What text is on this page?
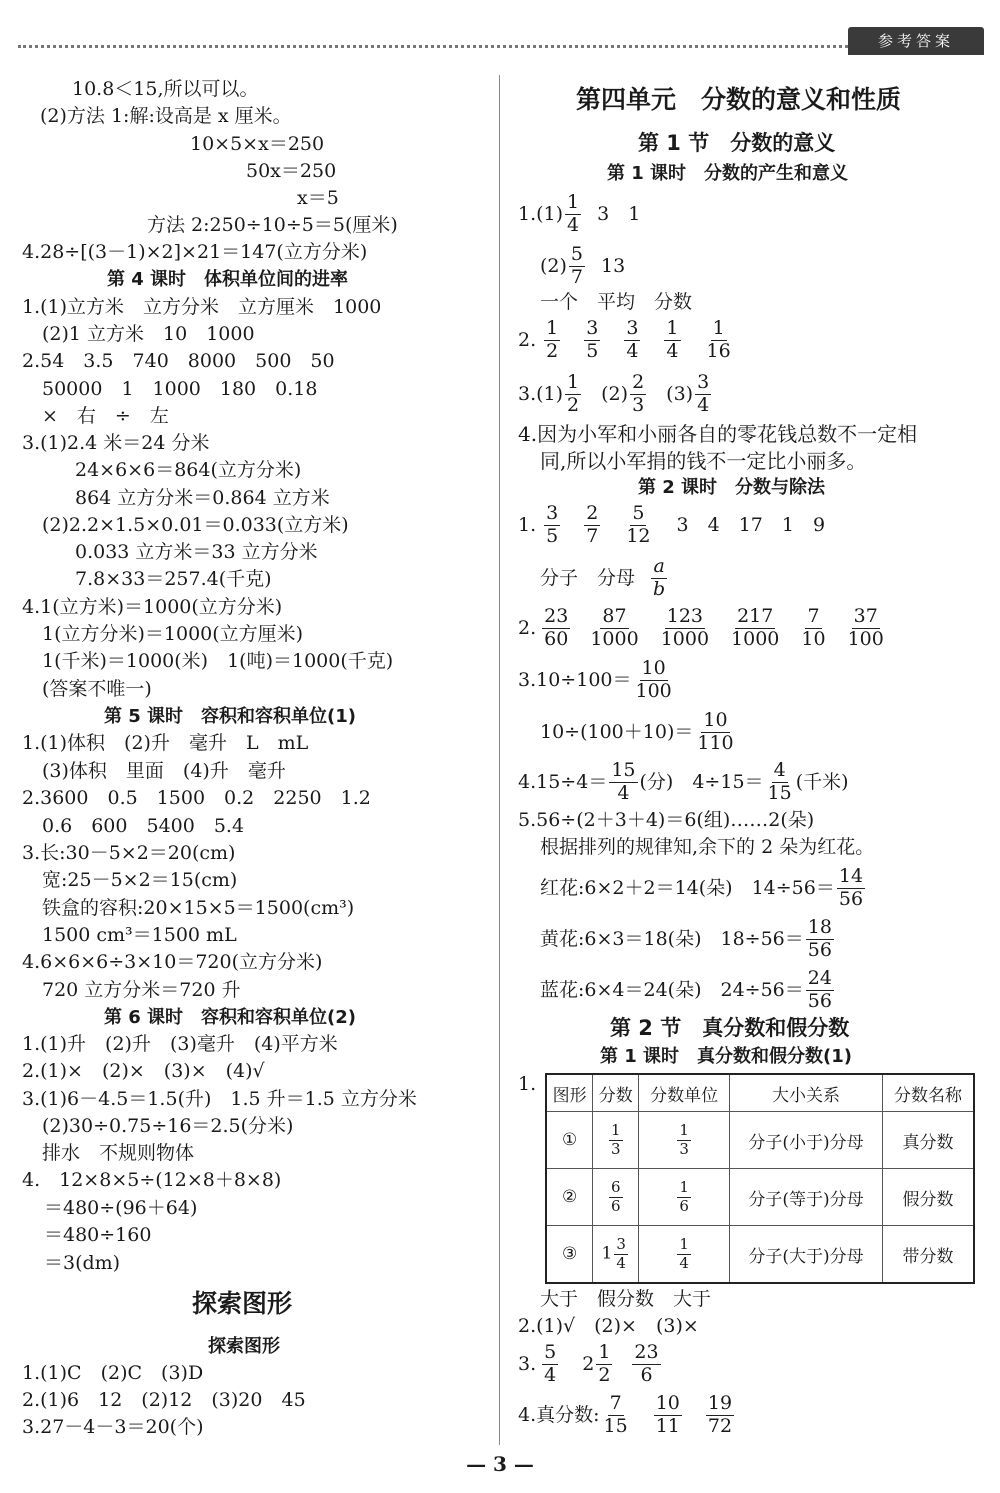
参考答案
10.8＜15,所以可以。
(2)方法 1:解:设高是 x 厘米。
10×5×x＝250
50x＝250
x＝5
方法 2:250÷10÷5＝5(厘米)
4.28÷[(3－1)×2]×21＝147(立方分米)
第 4 课时　体积单位间的进率
1.(1)立方米　立方分米　立方厘米　1000
(2)1 立方米　10　1000
2.54　3.5　740　8000　500　50
50000　1　1000　180　0.18
×　右　÷　左
3.(1)2.4 米＝24 分米
24×6×6＝864(立方分米)
864 立方分米＝0.864 立方米
(2)2.2×1.5×0.01＝0.033(立方米)
0.033 立方米＝33 立方分米
7.8×33＝257.4(千克)
4.1(立方米)＝1000(立方分米)
1(立方分米)＝1000(立方厘米)
1(千米)＝1000(米)　1(吨)＝1000(千克)
(答案不唯一)
第 5 课时　容积和容积单位(1)
1.(1)体积　(2)升　毫升　L　mL
(3)体积　里面　(4)升　毫升
2.3600　0.5　1500　0.2　2250　1.2
0.6　600　5400　5.4
3.长:30－5×2＝20(cm)
宽:25－5×2＝15(cm)
铁盒的容积:20×15×5＝1500(cm³)
1500 cm³＝1500 mL
4.6×6×6÷3×10＝720(立方分米)
720 立方分米＝720 升
第 6 课时　容积和容积单位(2)
1.(1)升　(2)升　(3)毫升　(4)平方米
2.(1)×　(2)×　(3)×　(4)√
3.(1)6－4.5＝1.5(升)　1.5 升＝1.5 立方分米
(2)30÷0.75÷16＝2.5(分米)
排水　不规则物体
4.　12×8×5÷(12×8＋8×8)
＝480÷(96＋64)
＝480÷160
＝3(dm)
探索图形
探索图形
1.(1)C　(2)C　(3)D
2.(1)6　12　(2)12　(3)20　45
3.27－4－3＝20(个)
第四单元　分数的意义和性质
第 1 节　分数的意义
第 1 课时　分数的产生和意义
$1.(1) \frac{1}{4} 3$　1
$(2) \frac{5}{7} 13$
一个　平均　分数
2. $\frac{1}{2} \frac{3}{5} \frac{3}{4} \frac{1}{4} \frac{1}{16}$
$3.(1) \frac{1}{2} (2) \frac{2}{3} (3) \frac{3}{4}$
4.因为小军和小丽各自的零花钱总数不一定相
同,所以小军捐的钱不一定比小丽多。
第 2 课时　分数与除法
1. $\frac{3}{5} \frac{2}{7} \frac{5}{12} 3$　4　17　1　9
分子　分母 $\frac{a}{b}$
2. $\frac{23}{60} \frac{87}{1000} \frac{123}{1000} \frac{217}{1000} \frac{7}{10} \frac{37}{100}$
$3.10\div 100= \frac{10}{100}$
$10\div(100+10)= \frac{10}{110}$
$4.15\div 4= \frac{15}{4}$ (分)　$4\div 15= \frac{4}{15}$ (千米)
5.56÷(2＋3＋4)＝6(组)……2(朵)
根据排列的规律知,余下的 2 朵为红花。
红花:6×2＋2＝14(朵)　$14\div 56= \frac{14}{56}$
黄花:6×3＝18(朵)　$18\div 56= \frac{18}{56}$
蓝花:6×4＝24(朵)　$24\div 56= \frac{24}{56}$
第 2 节　真分数和假分数
第 1 课时　真分数和假分数(1)
1.
图形	分数	分数单位	大小关系	分数名称
①	$\frac{1}{3}$	$\frac{1}{3}$	分子(小于)分母	真分数
②	$\frac{6}{6}$	$\frac{1}{6}$	分子(等于)分母	假分数
③	$1 \frac{3}{4}$	$\frac{1}{4}$	分子(大于)分母	带分数
大于　假分数　大于
2.(1)√　(2)×　(3)×
3. $\frac{5}{4} 2 \frac{1}{2} \frac{23}{6}$
4.真分数: $\frac{7}{15} \frac{10}{11} \frac{19}{72}$
— 3 —
